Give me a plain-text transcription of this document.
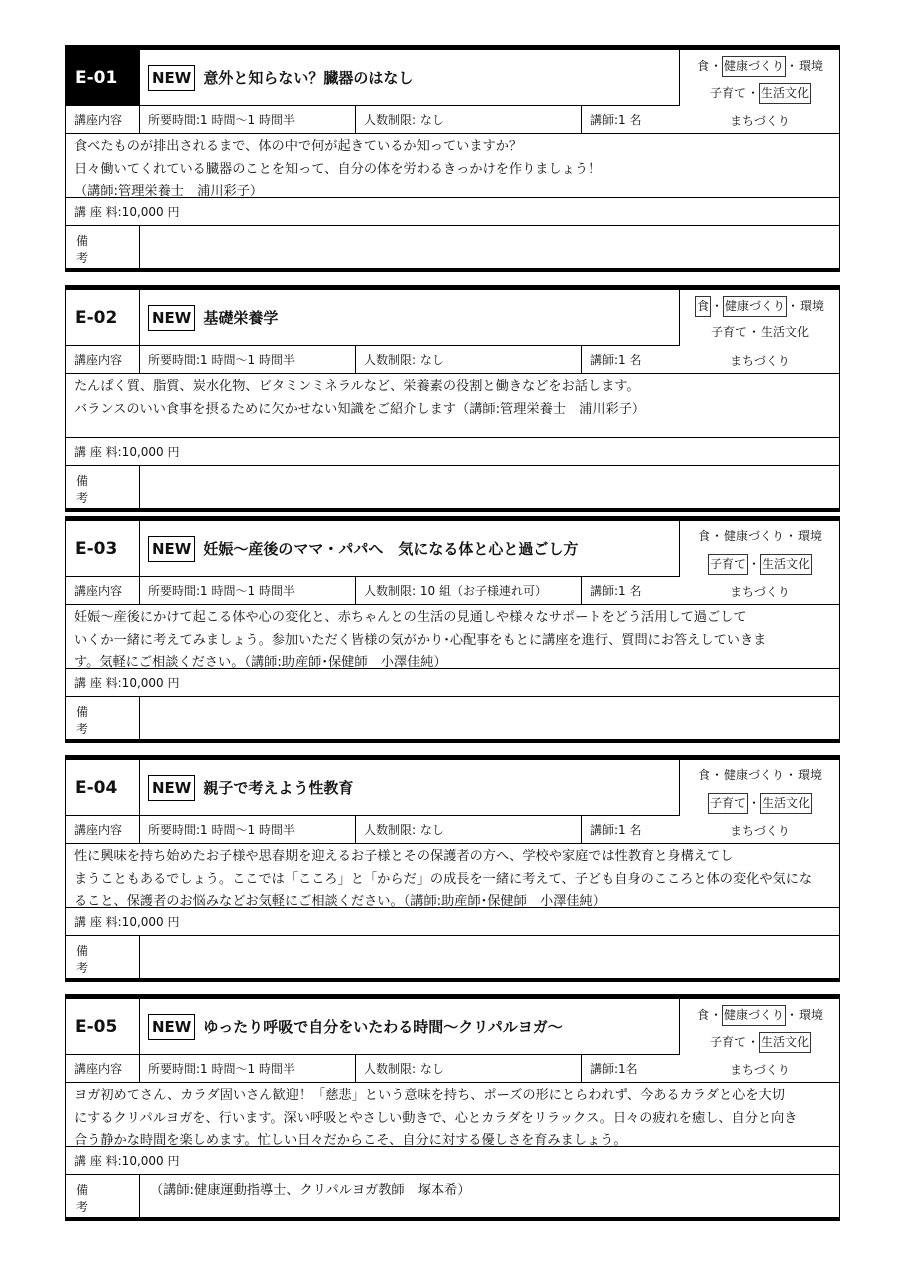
E-01	NEW 意外と知らない？臓器のはなし
食・ 健康づくり ・環境
子育て・ 生活文化
まちづくり
講座内容	所要時間:1 時間～1 時間半	人数制限: なし	講師:1 名
食べたものが排出されるまで、体の中で何が起きているか知っていますか？
日々働いてくれている臓器のことを知って、自分の体を労わるきっかけを作りましょう！
（講師:管理栄養士　浦川彩子）
講 座 料 :10,000 円
備 考
E-02	NEW 基礎栄養学
食 ・ 健康づくり ・環境
子育て・生活文化
まちづくり
講座内容	所要時間:1 時間～1 時間半	人数制限: なし	講師:1 名
たんぱく質、脂質、炭水化物、ビタミンミネラルなど、栄養素の役割と働きなどをお話します。
バランスのいい食事を摂るために欠かせない知識をご紹介します（講師:管理栄養士　浦川彩子）
講 座 料 :10,000 円
備 考
E-03	NEW 妊娠～産後のママ・パパへ　気になる体と心と過ごし方
食・健康づくり・環境
子育て ・ 生活文化
まちづくり
講座内容	所要時間:1 時間～1 時間半	人数制限: 10 組（お子様連れ可）	講師:1 名
妊娠～産後にかけて起こる体や心の変化と、赤ちゃんとの生活の見通しや様々なサポートをどう活用して過ごして
いくか一緒に考えてみましょう。参加いただく皆様の気がかり･心配事をもとに講座を進行、質問にお答えしていきま
す。気軽にご相談ください。（講師:助産師･保健師　小澤佳純）
講 座 料 :10,000 円
備 考
E-04	NEW 親子で考えよう性教育
食・健康づくり・環境
子育て ・ 生活文化
まちづくり
講座内容	所要時間:1 時間～1 時間半	人数制限: なし	講師:1 名
性に興味を持ち始めたお子様や思春期を迎えるお子様とその保護者の方へ、学校や家庭では性教育と身構えてし
まうこともあるでしょう。ここでは「こころ」と「からだ」の成長を一緒に考えて、子ども自身のこころと体の変化や気にな
ること、保護者のお悩みなどお気軽にご相談ください。（講師:助産師･保健師　小澤佳純）
講 座 料 :10,000 円
備 考
E-05	NEW ゆったり呼吸で自分をいたわる時間～クリパルヨガ～
食・ 健康づくり ・環境
子育て・ 生活文化
まちづくり
講座内容	所要時間:1 時間～1 時間半	人数制限: なし	講師:1名
ヨガ初めてさん、カラダ固いさん歓迎！「慈悲」という意味を持ち、ポーズの形にとらわれず、今あるカラダと心を大切
にするクリパルヨガを、行います。深い呼吸とやさしい動きで、心とカラダをリラックス。日々の疲れを癒し、自分と向き
合う静かな時間を楽しめます。忙しい日々だからこそ、自分に対する優しさを育みましょう。
講 座 料 :10,000 円
備 考
（講師:健康運動指導士、クリパルヨガ教師　塚本希）
